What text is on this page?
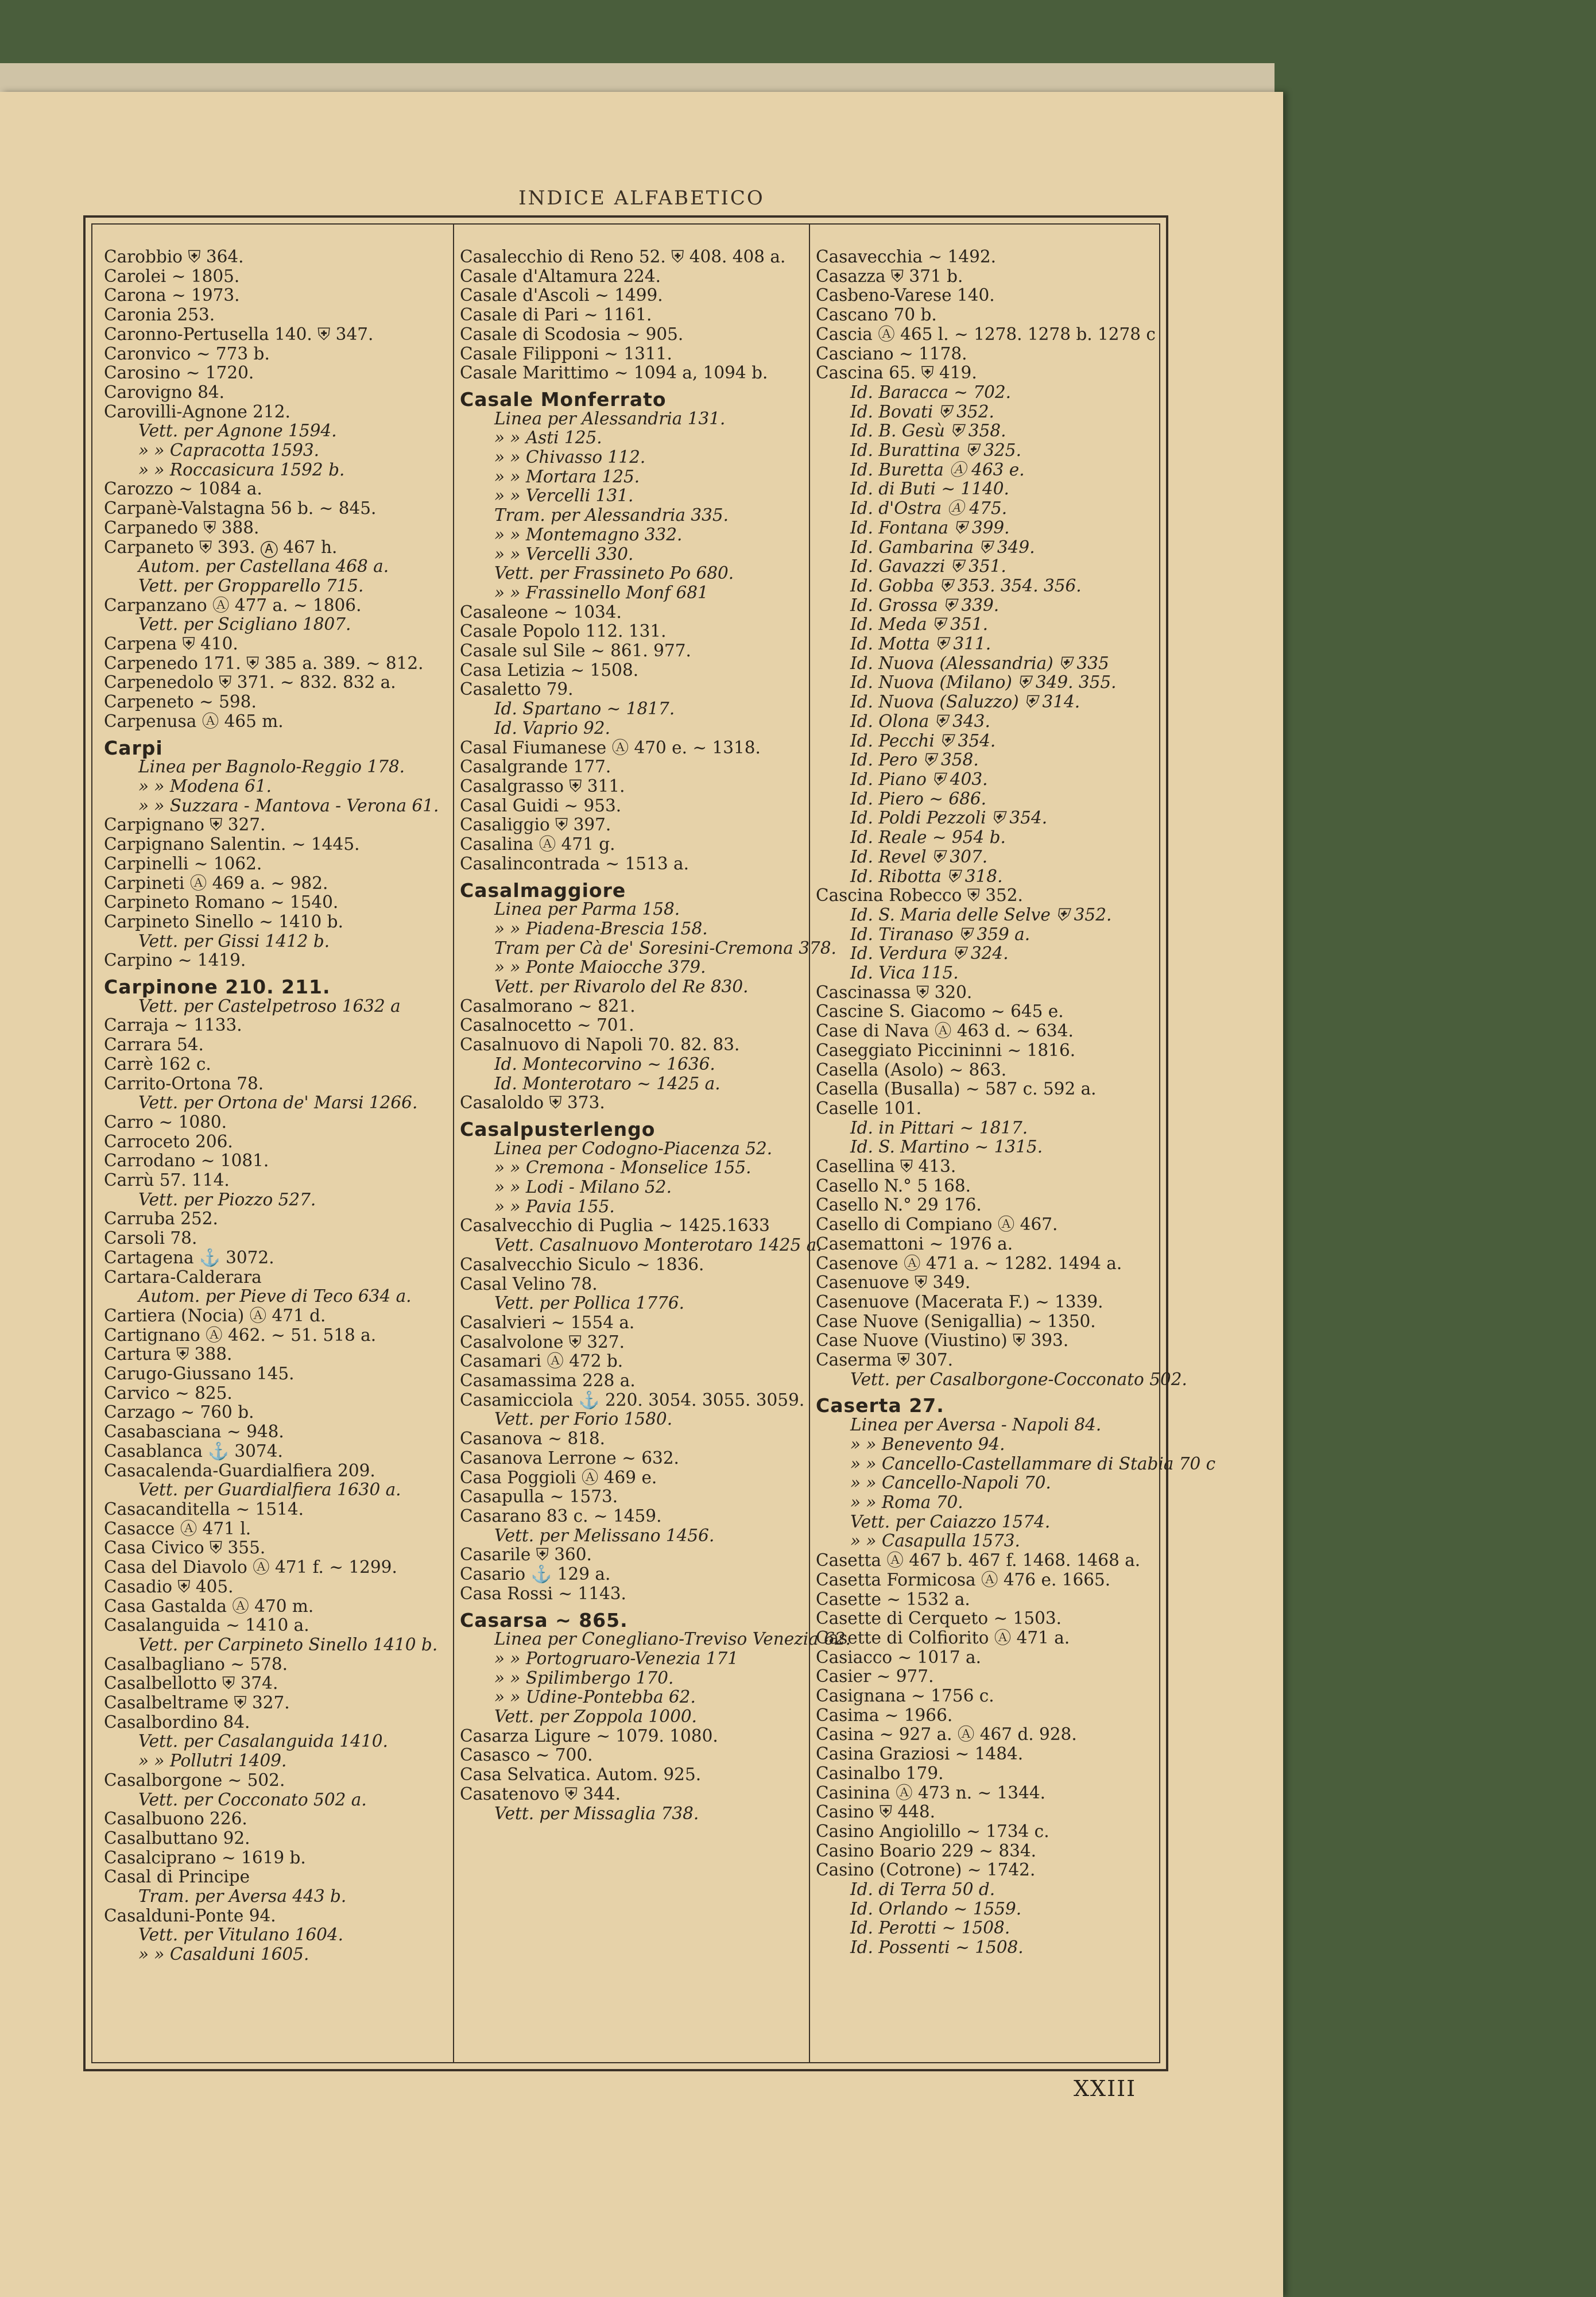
INDICE ALFABETICO
Carobbio ⛨ 364.
Carolei ~ 1805.
Carona ~ 1973.
Caronia 253.
Caronno-Pertusella 140. ⛨ 347.
Caronvico ~ 773 b.
Carosino ~ 1720.
Carovigno 84.
Carovilli-Agnone 212.
Vett. per Agnone 1594.
» » Capracotta 1593.
» » Roccasicura 1592 b.
Carozzo ~ 1084 a.
Carpanè-Valstagna 56 b. ~ 845.
Carpanedo ⛨ 388.
Carpaneto ⛨ 393. Ⓐ 467 h.
Autom. per Castellana 468 a.
Vett. per Gropparello 715.
Carpanzano Ⓐ 477 a. ~ 1806.
Vett. per Scigliano 1807.
Carpena ⛨ 410.
Carpenedo 171. ⛨ 385 a. 389. ~ 812.
Carpenedolo ⛨ 371. ~ 832. 832 a.
Carpeneto ~ 598.
Carpenusa Ⓐ 465 m.
Carpi
Linea per Bagnolo-Reggio 178.
» » Modena 61.
» » Suzzara - Mantova - Verona 61.
Carpignano ⛨ 327.
Carpignano Salentin. ~ 1445.
Carpinelli ~ 1062.
Carpineti Ⓐ 469 a. ~ 982.
Carpineto Romano ~ 1540.
Carpineto Sinello ~ 1410 b.
Vett. per Gissi 1412 b.
Carpino ~ 1419.
Carpinone 210. 211.
Vett. per Castelpetroso 1632 a
Carraja ~ 1133.
Carrara 54.
Carrè 162 c.
Carrito-Ortona 78.
Vett. per Ortona de' Marsi 1266.
Carro ~ 1080.
Carroceto 206.
Carrodano ~ 1081.
Carrù 57. 114.
Vett. per Piozzo 527.
Carruba 252.
Carsoli 78.
Cartagena ⚓ 3072.
Cartara-Calderara
Autom. per Pieve di Teco 634 a.
Cartiera (Nocia) Ⓐ 471 d.
Cartignano Ⓐ 462. ~ 51. 518 a.
Cartura ⛨ 388.
Carugo-Giussano 145.
Carvico ~ 825.
Carzago ~ 760 b.
Casabasciana ~ 948.
Casablanca ⚓ 3074.
Casacalenda-Guardialfiera 209.
Vett. per Guardialfiera 1630 a.
Casacanditella ~ 1514.
Casacce Ⓐ 471 l.
Casa Civico ⛨ 355.
Casa del Diavolo Ⓐ 471 f. ~ 1299.
Casadio ⛨ 405.
Casa Gastalda Ⓐ 470 m.
Casalanguida ~ 1410 a.
Vett. per Carpineto Sinello 1410 b.
Casalbagliano ~ 578.
Casalbellotto ⛨ 374.
Casalbeltrame ⛨ 327.
Casalbordino 84.
Vett. per Casalanguida 1410.
» » Pollutri 1409.
Casalborgone ~ 502.
Vett. per Cocconato 502 a.
Casalbuono 226.
Casalbuttano 92.
Casalciprano ~ 1619 b.
Casal di Principe
Tram. per Aversa 443 b.
Casalduni-Ponte 94.
Vett. per Vitulano 1604.
» » Casalduni 1605.
Casalecchio di Reno 52. ⛨ 408. 408 a.
Casale d'Altamura 224.
Casale d'Ascoli ~ 1499.
Casale di Pari ~ 1161.
Casale di Scodosia ~ 905.
Casale Filipponi ~ 1311.
Casale Marittimo ~ 1094 a, 1094 b.
Casale Monferrato
Linea per Alessandria 131.
» » Asti 125.
» » Chivasso 112.
» » Mortara 125.
» » Vercelli 131.
Tram. per Alessandria 335.
» » Montemagno 332.
» » Vercelli 330.
Vett. per Frassineto Po 680.
» » Frassinello Monf 681
Casaleone ~ 1034.
Casale Popolo 112. 131.
Casale sul Sile ~ 861. 977.
Casa Letizia ~ 1508.
Casaletto 79.
Id. Spartano ~ 1817.
Id. Vaprio 92.
Casal Fiumanese Ⓐ 470 e. ~ 1318.
Casalgrande 177.
Casalgrasso ⛨ 311.
Casal Guidi ~ 953.
Casaliggio ⛨ 397.
Casalina Ⓐ 471 g.
Casalincontrada ~ 1513 a.
Casalmaggiore
Linea per Parma 158.
» » Piadena-Brescia 158.
Tram per Cà de' Soresini-Cremona 378.
» » Ponte Maiocche 379.
Vett. per Rivarolo del Re 830.
Casalmorano ~ 821.
Casalnocetto ~ 701.
Casalnuovo di Napoli 70. 82. 83.
Id. Montecorvino ~ 1636.
Id. Monterotaro ~ 1425 a.
Casaloldo ⛨ 373.
Casalpusterlengo
Linea per Codogno-Piacenza 52.
» » Cremona - Monselice 155.
» » Lodi - Milano 52.
» » Pavia 155.
Casalvecchio di Puglia ~ 1425.1633
Vett. Casalnuovo Monterotaro 1425 a.
Casalvecchio Siculo ~ 1836.
Casal Velino 78.
Vett. per Pollica 1776.
Casalvieri ~ 1554 a.
Casalvolone ⛨ 327.
Casamari Ⓐ 472 b.
Casamassima 228 a.
Casamicciola ⚓ 220. 3054. 3055. 3059.
Vett. per Forio 1580.
Casanova ~ 818.
Casanova Lerrone ~ 632.
Casa Poggioli Ⓐ 469 e.
Casapulla ~ 1573.
Casarano 83 c. ~ 1459.
Vett. per Melissano 1456.
Casarile ⛨ 360.
Casario ⚓ 129 a.
Casa Rossi ~ 1143.
Casarsa ~ 865.
Linea per Conegliano-Treviso Venezia 62.
» » Portogruaro-Venezia 171
» » Spilimbergo 170.
» » Udine-Pontebba 62.
Vett. per Zoppola 1000.
Casarza Ligure ~ 1079. 1080.
Casasco ~ 700.
Casa Selvatica. Autom. 925.
Casatenovo ⛨ 344.
Vett. per Missaglia 738.
Casavecchia ~ 1492.
Casazza ⛨ 371 b.
Casbeno-Varese 140.
Cascano 70 b.
Cascia Ⓐ 465 l. ~ 1278. 1278 b. 1278 c
Casciano ~ 1178.
Cascina 65. ⛨ 419.
Id. Baracca ~ 702.
Id. Bovati ⛨ 352.
Id. B. Gesù ⛨ 358.
Id. Burattina ⛨ 325.
Id. Buretta Ⓐ 463 e.
Id. di Buti ~ 1140.
Id. d'Ostra Ⓐ 475.
Id. Fontana ⛨ 399.
Id. Gambarina ⛨ 349.
Id. Gavazzi ⛨ 351.
Id. Gobba ⛨ 353. 354. 356.
Id. Grossa ⛨ 339.
Id. Meda ⛨ 351.
Id. Motta ⛨ 311.
Id. Nuova (Alessandria) ⛨ 335
Id. Nuova (Milano) ⛨ 349. 355.
Id. Nuova (Saluzzo) ⛨ 314.
Id. Olona ⛨ 343.
Id. Pecchi ⛨ 354.
Id. Pero ⛨ 358.
Id. Piano ⛨ 403.
Id. Piero ~ 686.
Id. Poldi Pezzoli ⛨ 354.
Id. Reale ~ 954 b.
Id. Revel ⛨ 307.
Id. Ribotta ⛨ 318.
Cascina Robecco ⛨ 352.
Id. S. Maria delle Selve ⛨ 352.
Id. Tiranaso ⛨ 359 a.
Id. Verdura ⛨ 324.
Id. Vica 115.
Cascinassa ⛨ 320.
Cascine S. Giacomo ~ 645 e.
Case di Nava Ⓐ 463 d. ~ 634.
Caseggiato Piccininni ~ 1816.
Casella (Asolo) ~ 863.
Casella (Busalla) ~ 587 c. 592 a.
Caselle 101.
Id. in Pittari ~ 1817.
Id. S. Martino ~ 1315.
Casellina ⛨ 413.
Casello N.° 5 168.
Casello N.° 29 176.
Casello di Compiano Ⓐ 467.
Casemattoni ~ 1976 a.
Casenove Ⓐ 471 a. ~ 1282. 1494 a.
Casenuove ⛨ 349.
Casenuove (Macerata F.) ~ 1339.
Case Nuove (Senigallia) ~ 1350.
Case Nuove (Viustino) ⛨ 393.
Caserma ⛨ 307.
Vett. per Casalborgone-Cocconato 502.
Caserta 27.
Linea per Aversa - Napoli 84.
» » Benevento 94.
» » Cancello-Castellammare di Stabia 70 c
» » Cancello-Napoli 70.
» » Roma 70.
Vett. per Caiazzo 1574.
» » Casapulla 1573.
Casetta Ⓐ 467 b. 467 f. 1468. 1468 a.
Casetta Formicosa Ⓐ 476 e. 1665.
Casette ~ 1532 a.
Casette di Cerqueto ~ 1503.
Casette di Colfiorito Ⓐ 471 a.
Casiacco ~ 1017 a.
Casier ~ 977.
Casignana ~ 1756 c.
Casima ~ 1966.
Casina ~ 927 a. Ⓐ 467 d. 928.
Casina Graziosi ~ 1484.
Casinalbo 179.
Casinina Ⓐ 473 n. ~ 1344.
Casino ⛨ 448.
Casino Angiolillo ~ 1734 c.
Casino Boario 229 ~ 834.
Casino (Cotrone) ~ 1742.
Id. di Terra 50 d.
Id. Orlando ~ 1559.
Id. Perotti ~ 1508.
Id. Possenti ~ 1508.
XXIII
